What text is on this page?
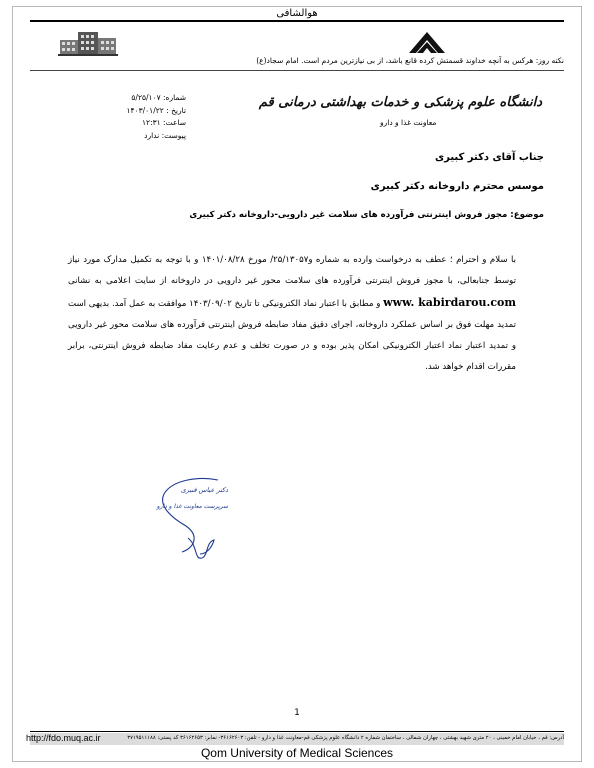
هوالشافی
نکته روز: هرکس به آنچه خداوند قسمتش کرده قانع باشد، از بی نیازترین مردم است. امام سجاد(ع)
شماره: ۵/۲۵/۱۰۷
تاریخ : ۱۴۰۳/۰۱/۲۲
ساعت: ۱۲:۳۱
پیوست: ندارد
دانشگاه علوم پزشکی و خدمات بهداشتی درمانی قم
معاونت غذا و دارو
جناب آقای دکتر کبیری
موسس محترم داروخانه دکتر کبیری
موضوع: مجوز فروش اینترنتی فرآورده های سلامت غیر دارویی-داروخانه دکتر کبیری
با سلام و احترام ؛ عطف به درخواست وارده به شماره و۲۵/۱۳۰۵۷/ مورخ ۱۴۰۱/۰۸/۲۸ و با توجه به تکمیل مدارک مورد نیاز توسط جنابعالی، با مجوز فروش اینترنتی فرآورده های سلامت محور غیر دارویی در داروخانه از سایت اعلامی به نشانی www. kabirdarou.com و مطابق با اعتبار نماد الکترونیکی تا تاریخ ۱۴۰۳/۰۹/۰۲ موافقت به عمل آمد. بدیهی است تمدید مهلت فوق بر اساس عملکرد داروخانه، اجرای دقیق مفاد ضابطه فروش اینترنتی فرآورده های سلامت محور غیر دارویی و تمدید اعتبار نماد اعتبار الکترونیکی امکان پذیر بوده و در صورت تخلف و عدم رعایت مفاد ضابطه فروش اینترنتی، برابر مقررات اقدام خواهد شد.
دکتر عباس قنبری
سرپرست معاونت غذا و دارو
1
آدرس: قم ، خیابان امام خمینی ، ۲۰ متری شهید بهشتی ، چهاران شمالی ، ساختمان شماره ۲ دانشگاه علوم پزشکی قم-معاونت غذا و دارو - تلفن: ۳۶۱۶۲۶۰۳- نمابر: ۳۶۱۶۲۶۵۳ کد پستی: ۳۷۱۹۵۱۱۱۸۸
http://fdo.muq.ac.ir
Qom University of Medical Sciences
